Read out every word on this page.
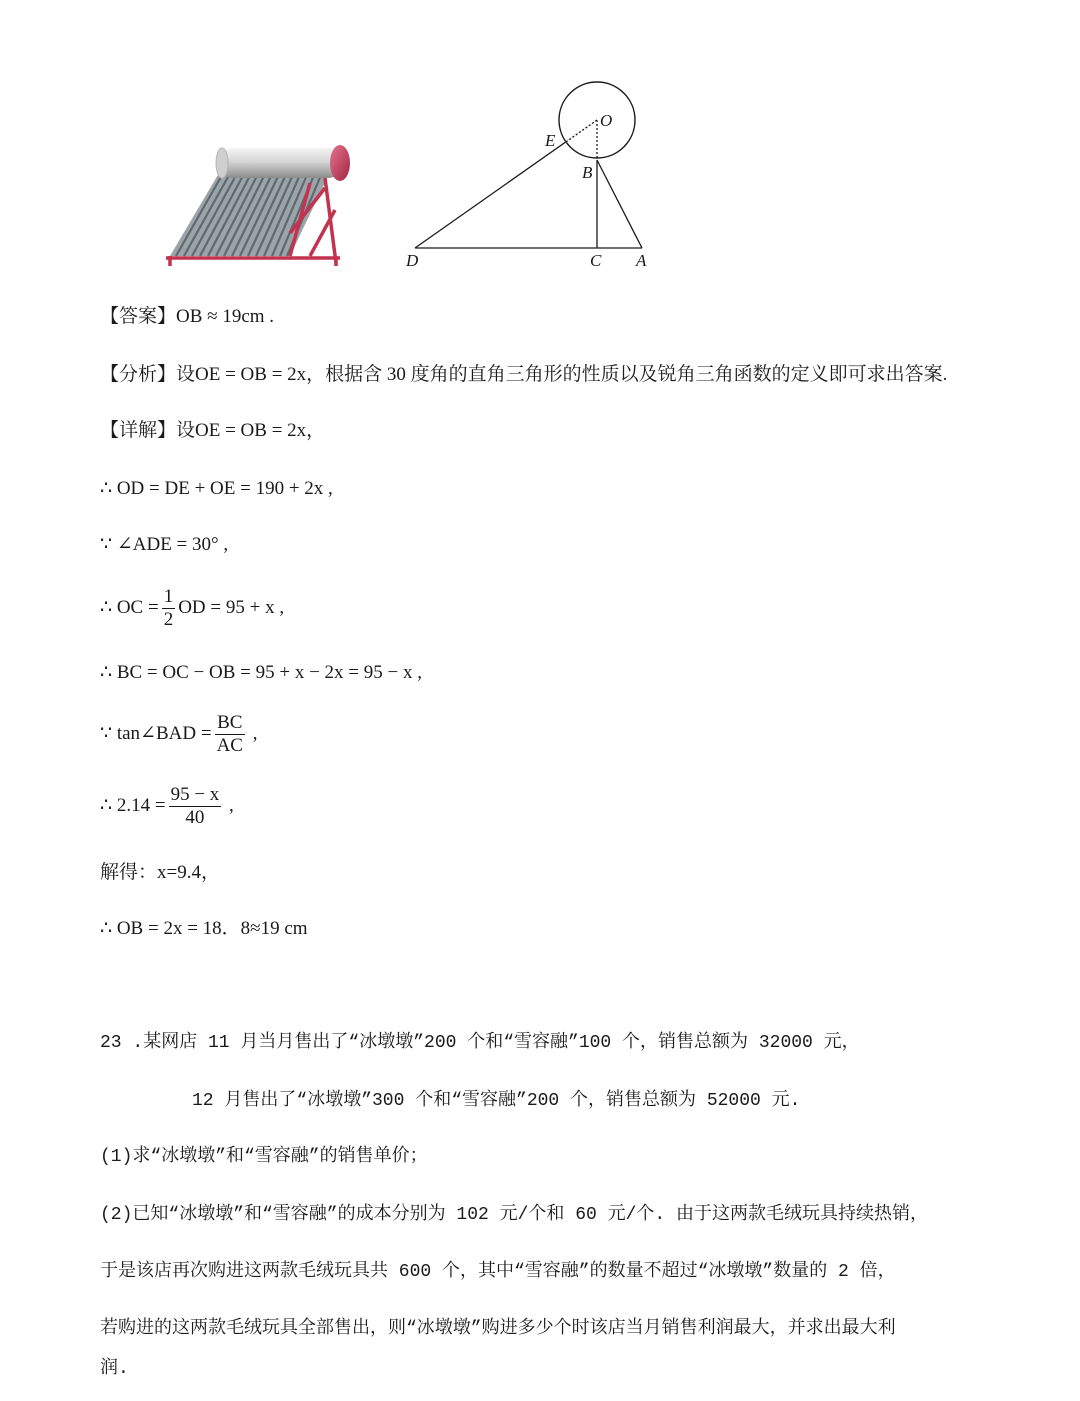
O
E
B
D	C A
【答案】OB ≈ 19cm .
【分析】设OE = OB = 2x，根据含 30 度角的直角三角形的性质以及锐角三角函数的定义即可求出答案.
【详解】设OE = OB = 2x，
∴ OD = DE + OE = 190 + 2x ,
∵ ∠ADE = 30° ,
∴ OC = $\frac{1}{2}$ OD = 95 + x ,
∴ BC = OC − OB = 95 + x − 2x = 95 − x ,
∵ tan∠BAD = $\frac{BC}{AC}$ ,
∴ $2.14 = \frac{95 - x}{40}$ ,
解得：x=9.4，
∴ OB = 2x = 18．8≈19 cm
23 .某网店 11 月当月售出了“冰墩墩”200 个和“雪容融”100 个，销售总额为 32000 元，
12 月售出了“冰墩墩”300 个和“雪容融”200 个，销售总额为 52000 元.
(1)求“冰墩墩”和“雪容融”的销售单价；
(2)已知“冰墩墩”和“雪容融”的成本分别为 102 元/个和 60 元/个. 由于这两款毛绒玩具持续热销，
于是该店再次购进这两款毛绒玩具共 600 个，其中“雪容融”的数量不超过“冰墩墩”数量的 2 倍，
若购进的这两款毛绒玩具全部售出，则“冰墩墩”购进多少个时该店当月销售利润最大，并求出最大利
润.
